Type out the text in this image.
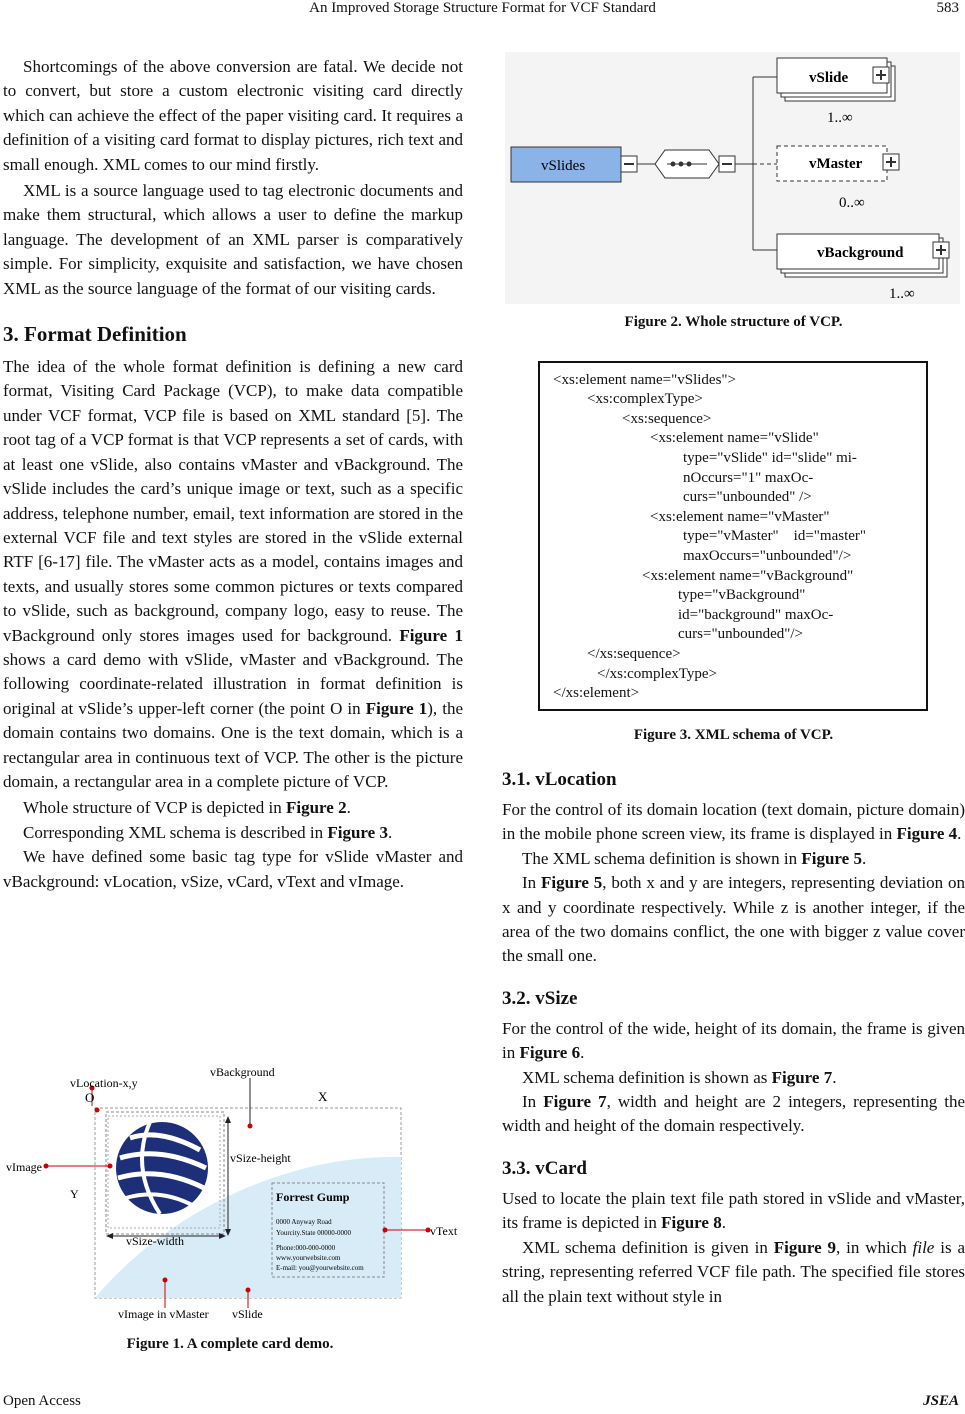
An Improved Storage Structure Format for VCF Standard	583

Shortcomings of the above conversion are fatal. We decide not to convert, but store a custom electronic visiting card directly which can achieve the effect of the paper visiting card. It requires a definition of a visiting card format to display pictures, rich text and small enough. XML comes to our mind firstly.

XML is a source language used to tag electronic documents and make them structural, which allows a user to define the markup language. The development of an XML parser is comparatively simple. For simplicity, exquisite and satisfaction, we have chosen XML as the source language of the format of our visiting cards.

3. Format Definition

The idea of the whole format definition is defining a new card format, Visiting Card Package (VCP), to make data compatible under VCF format, VCP file is based on XML standard [5]. The root tag of a VCP format is that VCP represents a set of cards, with at least one vSlide, also contains vMaster and vBackground. The vSlide includes the card’s unique image or text, such as a specific address, telephone number, email, text information are stored in the external VCF file and text styles are stored in the vSlide external RTF [6-17] file. The vMaster acts as a model, contains images and texts, and usually stores some common pictures or texts compared to vSlide, such as background, company logo, easy to reuse. The vBackground only stores images used for background. Figure 1 shows a card demo with vSlide, vMaster and vBackground. The following coordinate-related illustration in format definition is original at vSlide’s upper-left corner (the point O in Figure 1), the domain contains two domains. One is the text domain, which is a rectangular area in continuous text of VCP. The other is the picture domain, a rectangular area in a complete picture of VCP.

Whole structure of VCP is depicted in Figure 2.

Corresponding XML schema is described in Figure 3.

We have defined some basic tag type for vSlide vMaster and vBackground: vLocation, vSize, vCard, vText and vImage.

Forrest Gump
0000 Anyway Road
Yourcity.State 00000-0000
Phone:000-000-0000
www.yourwebsite.com
E-mail: you@yourwebsite.com
vSize-height
vSize-width
vLocation-x,y
O
vBackground
X
vImage
Y
vText
vImage in vMaster vSlide
Figure 1. A complete card demo.
vSlides
vSlide
1..∞
vMaster
0..∞
vBackground
1..∞
Figure 2. Whole structure of VCP.
<xs:element name="vSlides">
<xs:complexType>
<xs:sequence>
<xs:element name="vSlide"
type="vSlide" id="slide" mi-
nOccurs="1" maxOc-
curs="unbounded" />
<xs:element name="vMaster"
type="vMaster"    id="master"
maxOccurs="unbounded"/>
<xs:element name="vBackground"
type="vBackground"
id="background" maxOc-
curs="unbounded"/>
</xs:sequence>
</xs:complexType>
</xs:element>
Figure 3. XML schema of VCP.
3.1. vLocation

For the control of its domain location (text domain, picture domain) in the mobile phone screen view, its frame is displayed in Figure 4.

The XML schema definition is shown in Figure 5.

In Figure 5, both x and y are integers, representing deviation on x and y coordinate respectively. While z is another integer, if the area of the two domains conflict, the one with bigger z value cover the small one.

3.2. vSize

For the control of the wide, height of its domain, the frame is given in Figure 6.

XML schema definition is shown as Figure 7.

In Figure 7, width and height are 2 integers, representing the width and height of the domain respectively.

3.3. vCard

Used to locate the plain text file path stored in vSlide and vMaster, its frame is depicted in Figure 8.

XML schema definition is given in Figure 9, in which file is a string, representing referred VCF file path. The specified file stores all the plain text without style in

Open Access	JSEA
